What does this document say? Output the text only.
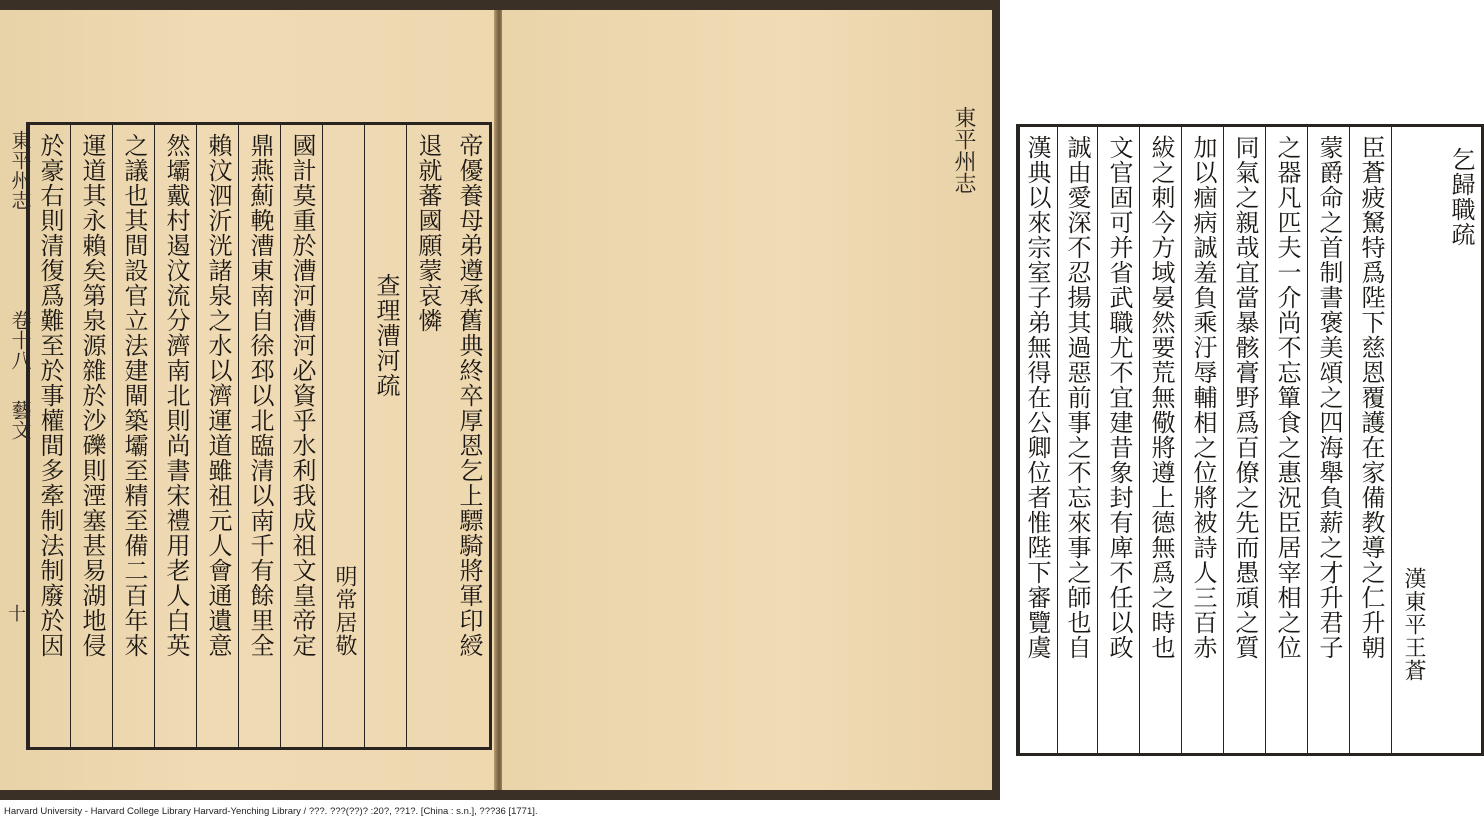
東平州志
卷十八
藝文
十	帝優養母弟遵承舊典終卒厚恩乞上驃騎將軍印綬
退就蕃國願蒙哀憐
查理漕河疏
明常居敬
國計莫重於漕河漕河必資乎水利我成祖文皇帝定
鼎燕薊輓漕東南自徐邳以北臨清以南千有餘里全
賴汶泗沂洸諸泉之水以濟運道雖祖元人會通遺意
然壩戴村遏汶流分濟南北則尚書宋禮用老人白英
之議也其間設官立法建閘築壩至精至備二百年來
運道其永賴矣第泉源雜於沙礫則湮塞甚易湖地侵
於豪右則清復爲難至於事權間多牽制法制廢於因	東平州志	乞歸職疏
漢東平王蒼
臣蒼疲駑特爲陛下慈恩覆護在家備教導之仁升朝
蒙爵命之首制書褒美頌之四海舉負薪之才升君子
之器凡匹夫一介尚不忘簞食之惠況臣居宰相之位
同氣之親哉宜當暴骸膏野爲百僚之先而愚頑之質
加以痼病誠羞負乘汙辱輔相之位將被詩人三百赤
紱之刺今方域晏然要荒無儆將遵上德無爲之時也
文官固可并省武職尤不宜建昔象封有庳不任以政
誠由愛深不忍揚其過惡前事之不忘來事之師也自
漢典以來宗室子弟無得在公卿位者惟陛下審覽虞
Harvard University - Harvard College Library Harvard-Yenching Library / ???. ???(??)? :20?, ??1?. [China : s.n.], ???36 [1771].
